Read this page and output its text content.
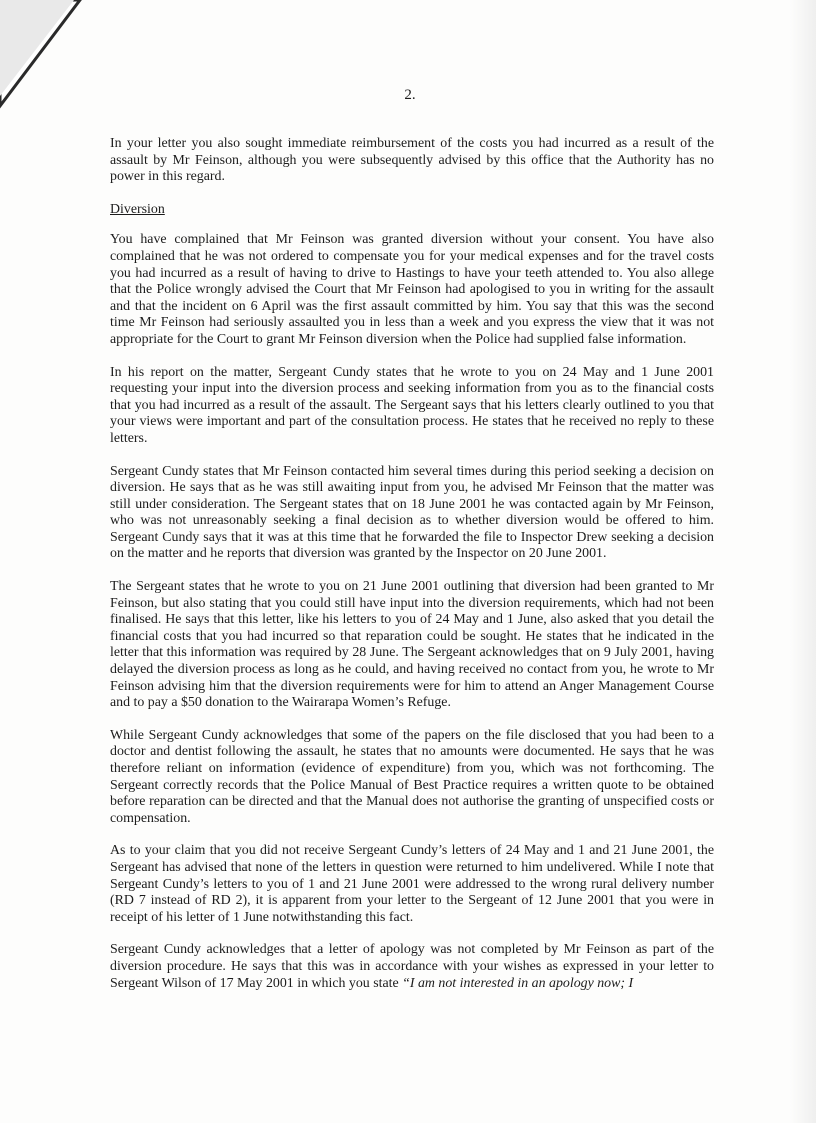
2.

In your letter you also sought immediate reimbursement of the costs you had incurred as a result of the assault by Mr Feinson, although you were subsequently advised by this office that the Authority has no power in this regard.

Diversion

You have complained that Mr Feinson was granted diversion without your consent. You have also complained that he was not ordered to compensate you for your medical expenses and for the travel costs you had incurred as a result of having to drive to Hastings to have your teeth attended to. You also allege that the Police wrongly advised the Court that Mr Feinson had apologised to you in writing for the assault and that the incident on 6 April was the first assault committed by him. You say that this was the second time Mr Feinson had seriously assaulted you in less than a week and you express the view that it was not appropriate for the Court to grant Mr Feinson diversion when the Police had supplied false information.

In his report on the matter, Sergeant Cundy states that he wrote to you on 24 May and 1 June 2001 requesting your input into the diversion process and seeking information from you as to the financial costs that you had incurred as a result of the assault. The Sergeant says that his letters clearly outlined to you that your views were important and part of the consultation process. He states that he received no reply to these letters.

Sergeant Cundy states that Mr Feinson contacted him several times during this period seeking a decision on diversion. He says that as he was still awaiting input from you, he advised Mr Feinson that the matter was still under consideration. The Sergeant states that on 18 June 2001 he was contacted again by Mr Feinson, who was not unreasonably seeking a final decision as to whether diversion would be offered to him. Sergeant Cundy says that it was at this time that he forwarded the file to Inspector Drew seeking a decision on the matter and he reports that diversion was granted by the Inspector on 20 June 2001.

The Sergeant states that he wrote to you on 21 June 2001 outlining that diversion had been granted to Mr Feinson, but also stating that you could still have input into the diversion requirements, which had not been finalised. He says that this letter, like his letters to you of 24 May and 1 June, also asked that you detail the financial costs that you had incurred so that reparation could be sought. He states that he indicated in the letter that this information was required by 28 June. The Sergeant acknowledges that on 9 July 2001, having delayed the diversion process as long as he could, and having received no contact from you, he wrote to Mr Feinson advising him that the diversion requirements were for him to attend an Anger Management Course and to pay a $50 donation to the Wairarapa Women’s Refuge.

While Sergeant Cundy acknowledges that some of the papers on the file disclosed that you had been to a doctor and dentist following the assault, he states that no amounts were documented. He says that he was therefore reliant on information (evidence of expenditure) from you, which was not forthcoming. The Sergeant correctly records that the Police Manual of Best Practice requires a written quote to be obtained before reparation can be directed and that the Manual does not authorise the granting of unspecified costs or compensation.

As to your claim that you did not receive Sergeant Cundy’s letters of 24 May and 1 and 21 June 2001, the Sergeant has advised that none of the letters in question were returned to him undelivered. While I note that Sergeant Cundy’s letters to you of 1 and 21 June 2001 were addressed to the wrong rural delivery number (RD 7 instead of RD 2), it is apparent from your letter to the Sergeant of 12 June 2001 that you were in receipt of his letter of 1 June notwithstanding this fact.

Sergeant Cundy acknowledges that a letter of apology was not completed by Mr Feinson as part of the diversion procedure. He says that this was in accordance with your wishes as expressed in your letter to Sergeant Wilson of 17 May 2001 in which you state “I am not interested in an apology now; I
